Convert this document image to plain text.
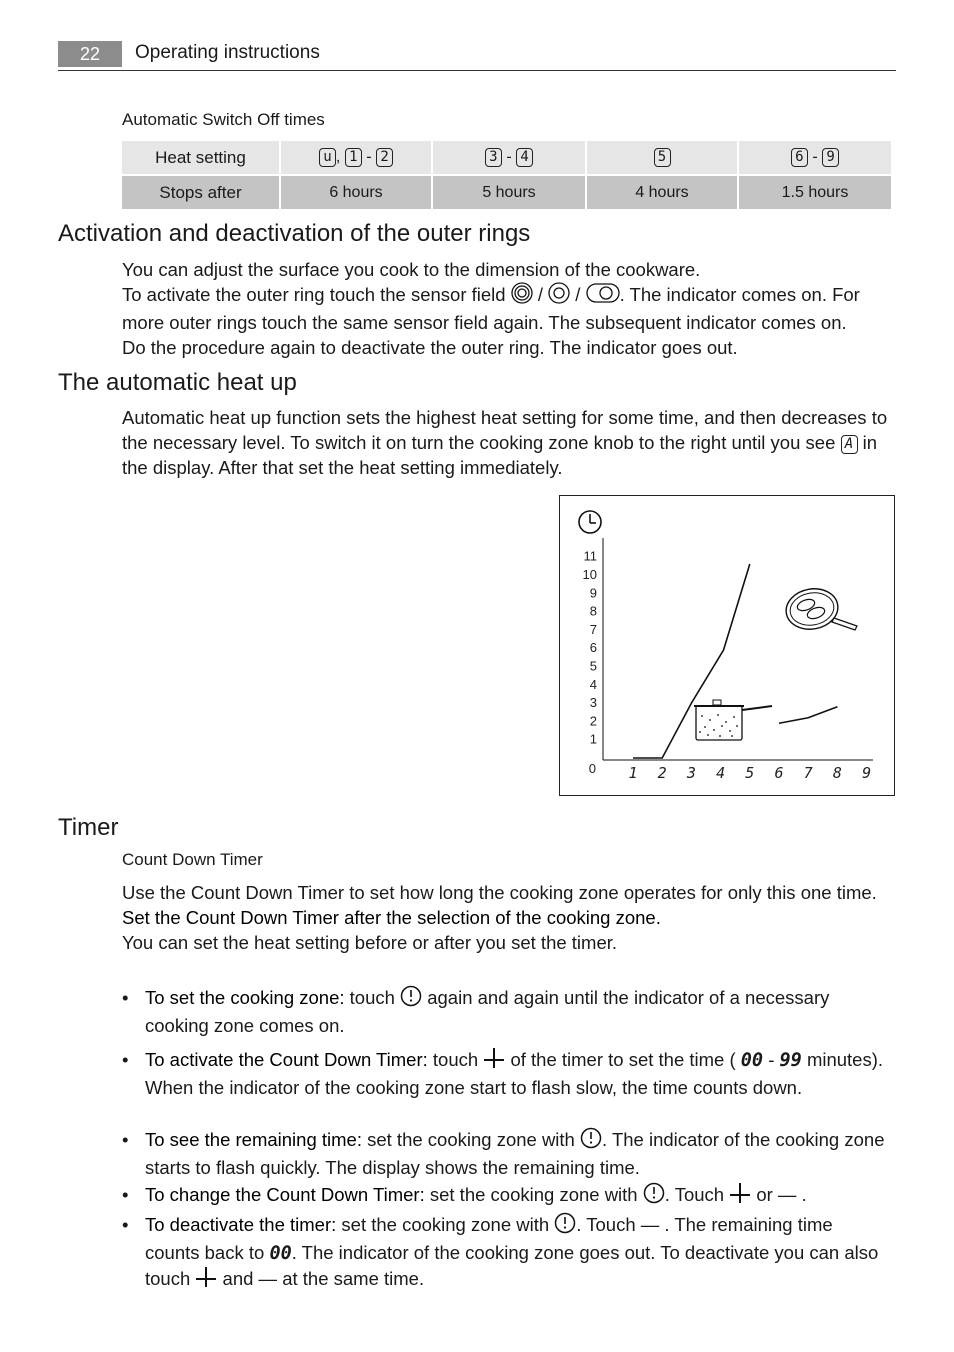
22	Operating instructions
Automatic Switch Off times
Heat setting	u , 1 - 2	3 - 4	5	6 - 9
Stops after	6 hours	5 hours	4 hours	1.5 hours
Activation and deactivation of the outer rings

You can adjust the surface you cook to the dimension of the cookware.

To activate the outer ring touch the sensor field / / . The indicator comes on. For more outer rings touch the same sensor field again. The subsequent indicator comes on.

Do the procedure again to deactivate the outer ring. The indicator goes out.

The automatic heat up

Automatic heat up function sets the highest heat setting for some time, and then decreases to the necessary level. To switch it on turn the cooking zone knob to the right until you see A in the display. After that set the heat setting immediately.

0
1
2
3
4
5
6
7
8
9
10
11
1 2 3 4 5 6 7 8 9
Timer
Count Down Timer

Use the Count Down Timer to set how long the cooking zone operates for only this one time.

Set the Count Down Timer after the selection of the cooking zone.

You can set the heat setting before or after you set the timer.

• To set the cooking zone: touch again and again until the indicator of a necessary cooking zone comes on.
• To activate the Count Down Timer: touch of the timer to set the time ( 00 - 99 minutes). When the indicator of the cooking zone start to flash slow, the time counts down.
• To see the remaining time: set the cooking zone with . The indicator of the cooking zone starts to flash quickly. The display shows the remaining time.
• To change the Count Down Timer: set the cooking zone with . Touch or — .
• To deactivate the timer: set the cooking zone with . Touch — . The remaining time counts back to 00. The indicator of the cooking zone goes out. To deactivate you can also touch and — at the same time.
